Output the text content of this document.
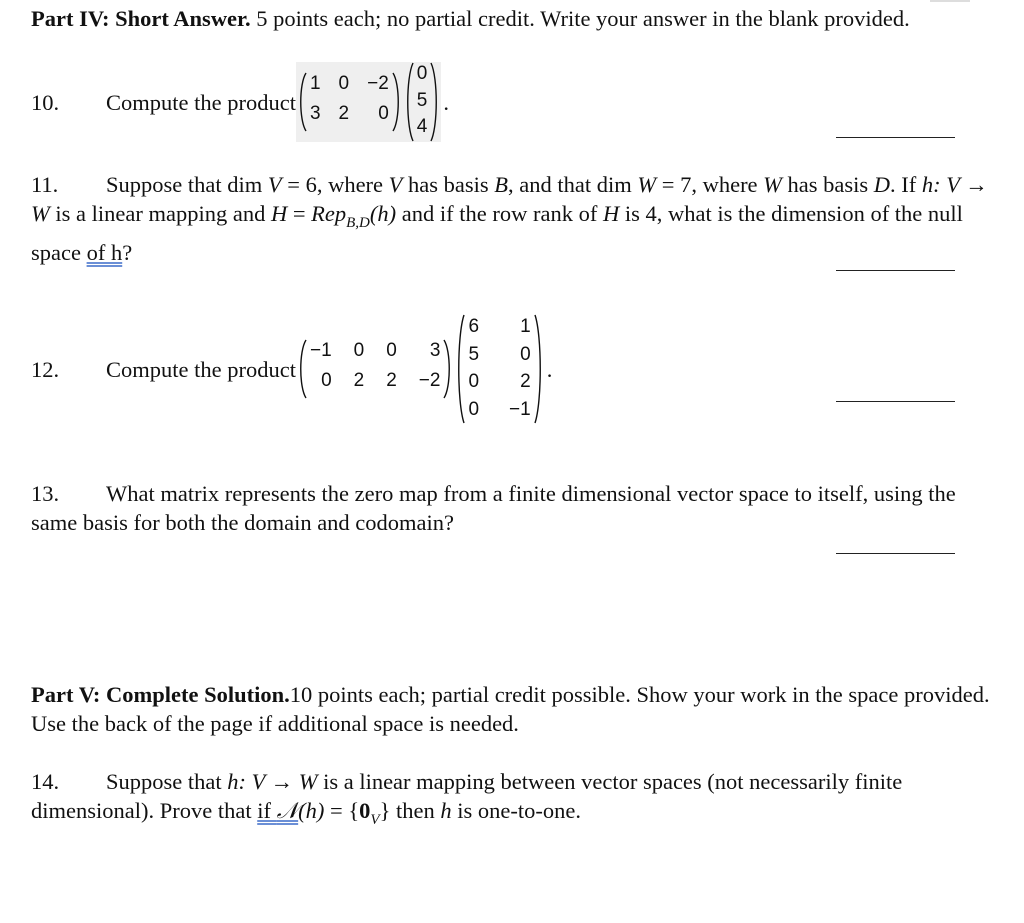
Part IV: Short Answer. 5 points each; no partial credit. Write your answer in the blank provided.

10.	Compute the product
1 0 −2
3 2	0
0
5
4
.

11. Suppose that dim V = 6, where V has basis B, and that dim W = 7, where W has basis D. If h: V → W is a linear mapping and H = Rep$_{B,D}$(h) and if the row rank of H is 4, what is the dimension of the null space of h?

12.	Compute the product
−1 0 0	3
0 2 2 −2
6	1
5	0
0	2
0 −1
.

13. What matrix represents the zero map from a finite dimensional vector space to itself, using the same basis for both the domain and codomain?

Part V: Complete Solution.10 points each; partial credit possible. Show your work in the space provided. Use the back of the page if additional space is needed.

14. Suppose that h: V → W is a linear mapping between vector spaces (not necessarily finite dimensional). Prove that if 𝒩(h) = $\{0_V\}$ then h is one-to-one.
